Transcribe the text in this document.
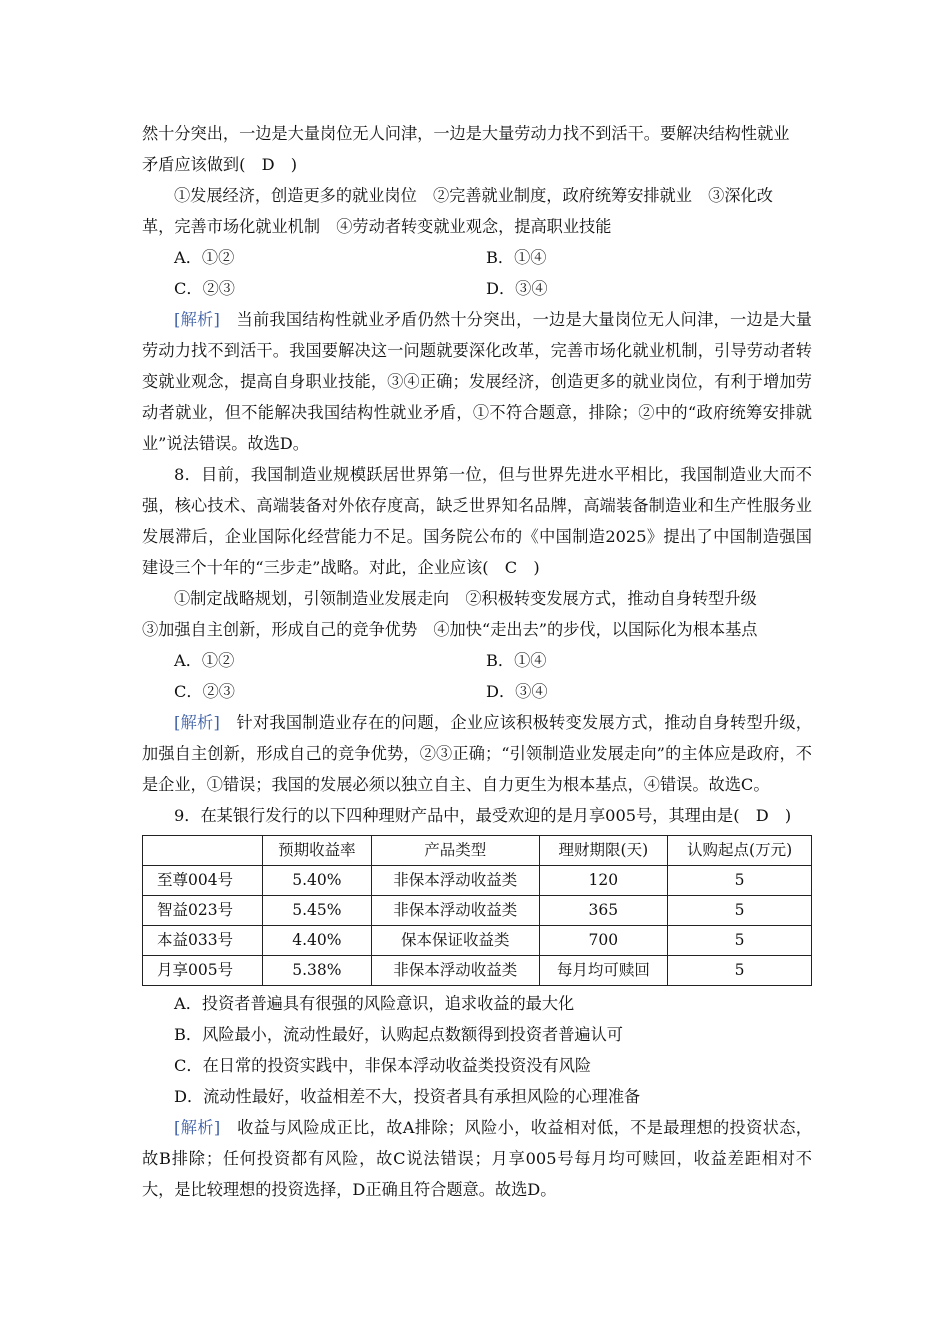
然十分突出，一边是大量岗位无人问津，一边是大量劳动力找不到活干。要解决结构性就业

矛盾应该做到(　D　)

①发展经济，创造更多的就业岗位　②完善就业制度，政府统筹安排就业　③深化改

革，完善市场化就业机制　④劳动者转变就业观念，提高职业技能

A．①②	B．①④
C．②③	D．③④

[解析]　当前我国结构性就业矛盾仍然十分突出，一边是大量岗位无人问津，一边是大量劳动力找不到活干。我国要解决这一问题就要深化改革，完善市场化就业机制，引导劳动者转变就业观念，提高自身职业技能，③④正确；发展经济，创造更多的就业岗位，有利于增加劳动者就业，但不能解决我国结构性就业矛盾，①不符合题意，排除；②中的“政府统筹安排就业”说法错误。故选D。

8．目前，我国制造业规模跃居世界第一位，但与世界先进水平相比，我国制造业大而不强，核心技术、高端装备对外依存度高，缺乏世界知名品牌，高端装备制造业和生产性服务业发展滞后，企业国际化经营能力不足。国务院公布的《中国制造2025》提出了中国制造强国建设三个十年的“三步走”战略。对此，企业应该(　C　)

①制定战略规划，引领制造业发展走向　②积极转变发展方式，推动自身转型升级

③加强自主创新，形成自己的竞争优势　④加快“走出去”的步伐，以国际化为根本基点

A．①②	B．①④
C．②③	D．③④

[解析]　针对我国制造业存在的问题，企业应该积极转变发展方式，推动自身转型升级，加强自主创新，形成自己的竞争优势，②③正确；“引领制造业发展走向”的主体应是政府，不是企业，①错误；我国的发展必须以独立自主、自力更生为根本基点，④错误。故选C。

9．在某银行发行的以下四种理财产品中，最受欢迎的是月享005号，其理由是(　D　)

	预期收益率	产品类型	理财期限(天)	认购起点(万元)
至尊004号	5.40%	非保本浮动收益类	120	5
智益023号	5.45%	非保本浮动收益类	365	5
本益033号	4.40%	保本保证收益类	700	5
月享005号	5.38%	非保本浮动收益类	每月均可赎回	5

A．投资者普遍具有很强的风险意识，追求收益的最大化

B．风险最小，流动性最好，认购起点数额得到投资者普遍认可

C．在日常的投资实践中，非保本浮动收益类投资没有风险

D．流动性最好，收益相差不大，投资者具有承担风险的心理准备

[解析]　收益与风险成正比，故A排除；风险小，收益相对低，不是最理想的投资状态，故B排除；任何投资都有风险，故C说法错误；月享005号每月均可赎回，收益差距相对不大，是比较理想的投资选择，D正确且符合题意。故选D。
